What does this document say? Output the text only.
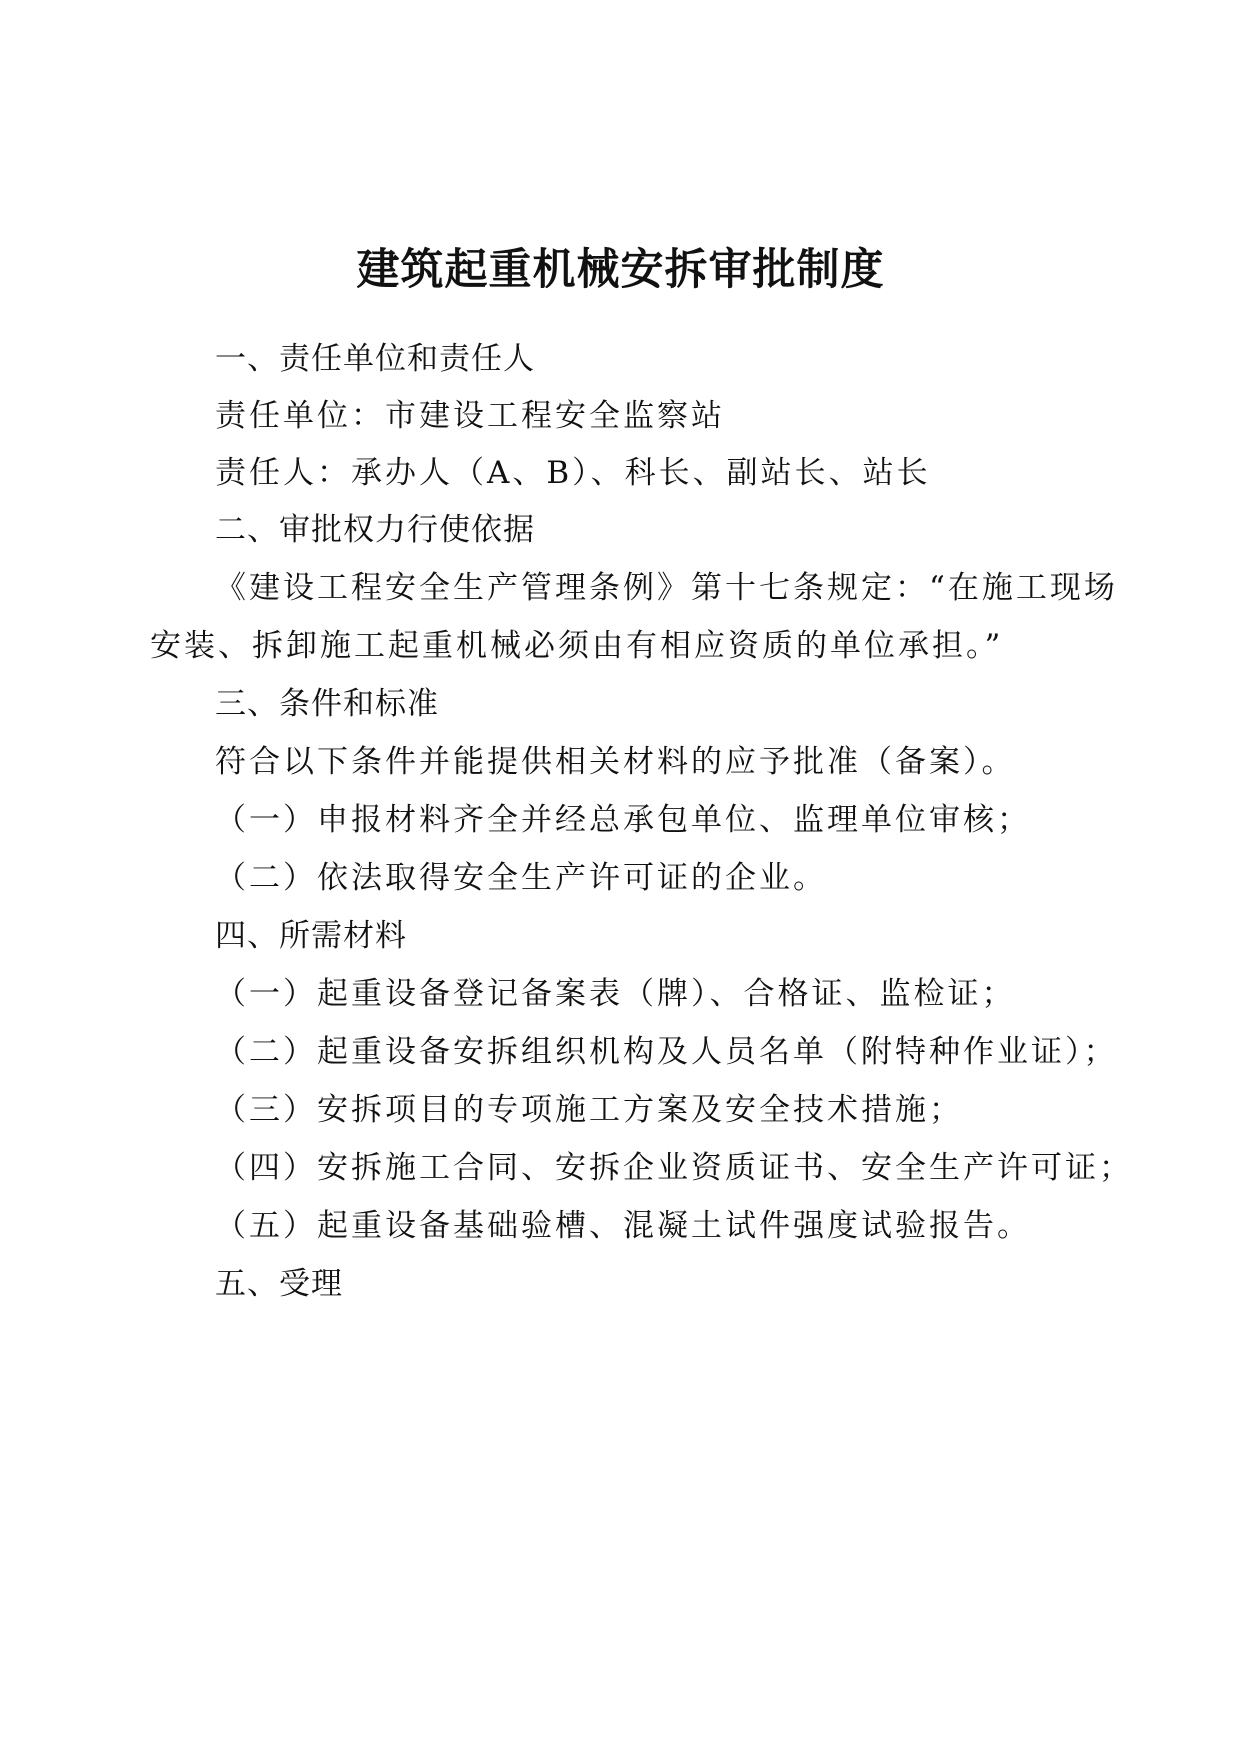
建筑起重机械安拆审批制度
一、责任单位和责任人
责任单位：市建设工程安全监察站
责任人：承办人（A、B）、科长、副站长、站长
二、审批权力行使依据
《建设工程安全生产管理条例》第十七条规定：“在施工现场
安装、拆卸施工起重机械必须由有相应资质的单位承担。”
三、条件和标准
符合以下条件并能提供相关材料的应予批准（备案）。
（一）申报材料齐全并经总承包单位、监理单位审核；
（二）依法取得安全生产许可证的企业。
四、所需材料
（一）起重设备登记备案表（牌）、合格证、监检证；
（二）起重设备安拆组织机构及人员名单（附特种作业证）；
（三）安拆项目的专项施工方案及安全技术措施；
（四）安拆施工合同、安拆企业资质证书、安全生产许可证；
（五）起重设备基础验槽、混凝土试件强度试验报告。
五、受理
